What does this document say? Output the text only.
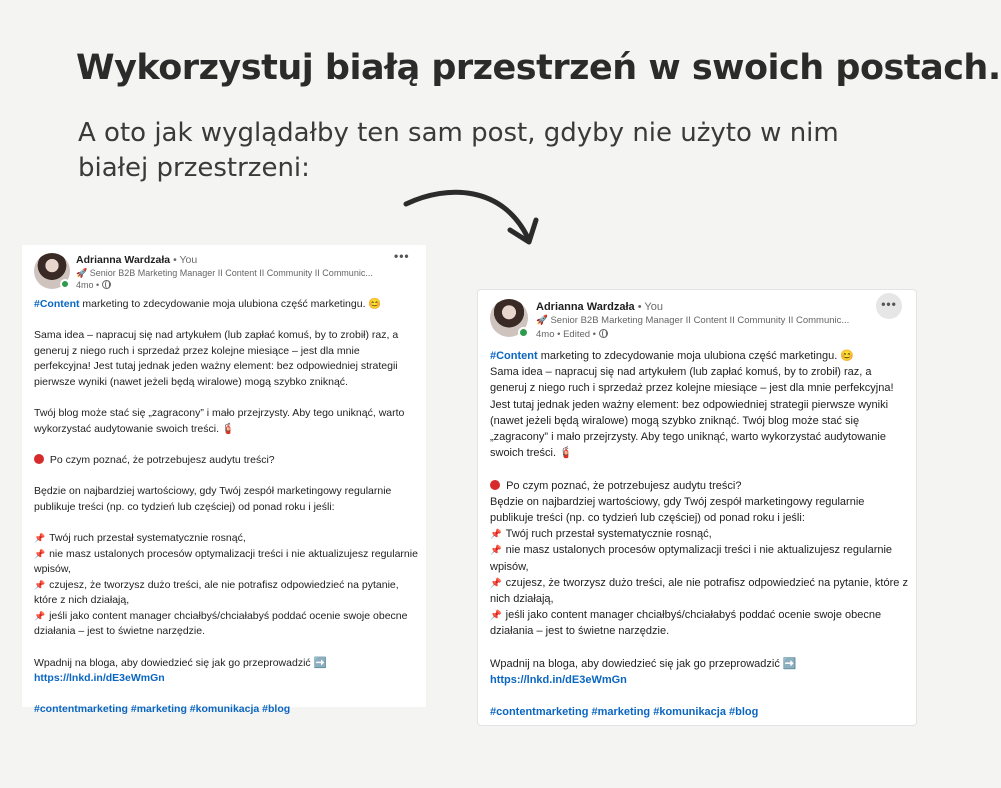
Wykorzystuj białą przestrzeń w swoich postach.
A oto jak wyglądałby ten sam post, gdyby nie użyto w nim białej przestrzeni:
Adrianna Wardzała • You
🚀 Senior B2B Marketing Manager II Content II Community II Communic...
4mo •
•••

#Content marketing to zdecydowanie moja ulubiona część marketingu. 😊

Sama idea – napracuj się nad artykułem (lub zapłać komuś, by to zrobił) raz, a generuj z niego ruch i sprzedaż przez kolejne miesiące – jest dla mnie perfekcyjna! Jest tutaj jednak jeden ważny element: bez odpowiedniej strategii pierwsze wyniki (nawet jeżeli będą wiralowe) mogą szybko zniknąć.

Twój blog może stać się „zagracony” i mało przejrzysty. Aby tego uniknąć, warto wykorzystać audytowanie swoich treści. 🧯

Po czym poznać, że potrzebujesz audytu treści?

Będzie on najbardziej wartościowy, gdy Twój zespół marketingowy regularnie publikuje treści (np. co tydzień lub częściej) od ponad roku i jeśli:

📌 Twój ruch przestał systematycznie rosnąć,

📌 nie masz ustalonych procesów optymalizacji treści i nie aktualizujesz regularnie wpisów,

📌 czujesz, że tworzysz dużo treści, ale nie potrafisz odpowiedzieć na pytanie, które z nich działają,

📌 jeśli jako content manager chciałbyś/chciałabyś poddać ocenie swoje obecne działania – jest to świetne narzędzie.

Wpadnij na bloga, aby dowiedzieć się jak go przeprowadzić ➡️

https://lnkd.in/dE3eWmGn

#contentmarketing #marketing #komunikacja #blog

Adrianna Wardzała • You
🚀 Senior B2B Marketing Manager II Content II Community II Communic...
4mo • Edited •
•••

#Content marketing to zdecydowanie moja ulubiona część marketingu. 😊

Sama idea – napracuj się nad artykułem (lub zapłać komuś, by to zrobił) raz, a generuj z niego ruch i sprzedaż przez kolejne miesiące – jest dla mnie perfekcyjna! Jest tutaj jednak jeden ważny element: bez odpowiedniej strategii pierwsze wyniki (nawet jeżeli będą wiralowe) mogą szybko zniknąć. Twój blog może stać się „zagracony” i mało przejrzysty. Aby tego uniknąć, warto wykorzystać audytowanie swoich treści. 🧯

Po czym poznać, że potrzebujesz audytu treści?

Będzie on najbardziej wartościowy, gdy Twój zespół marketingowy regularnie publikuje treści (np. co tydzień lub częściej) od ponad roku i jeśli:

📌 Twój ruch przestał systematycznie rosnąć,

📌 nie masz ustalonych procesów optymalizacji treści i nie aktualizujesz regularnie wpisów,

📌 czujesz, że tworzysz dużo treści, ale nie potrafisz odpowiedzieć na pytanie, które z nich działają,

📌 jeśli jako content manager chciałbyś/chciałabyś poddać ocenie swoje obecne działania – jest to świetne narzędzie.

Wpadnij na bloga, aby dowiedzieć się jak go przeprowadzić ➡️

https://lnkd.in/dE3eWmGn

#contentmarketing #marketing #komunikacja #blog
